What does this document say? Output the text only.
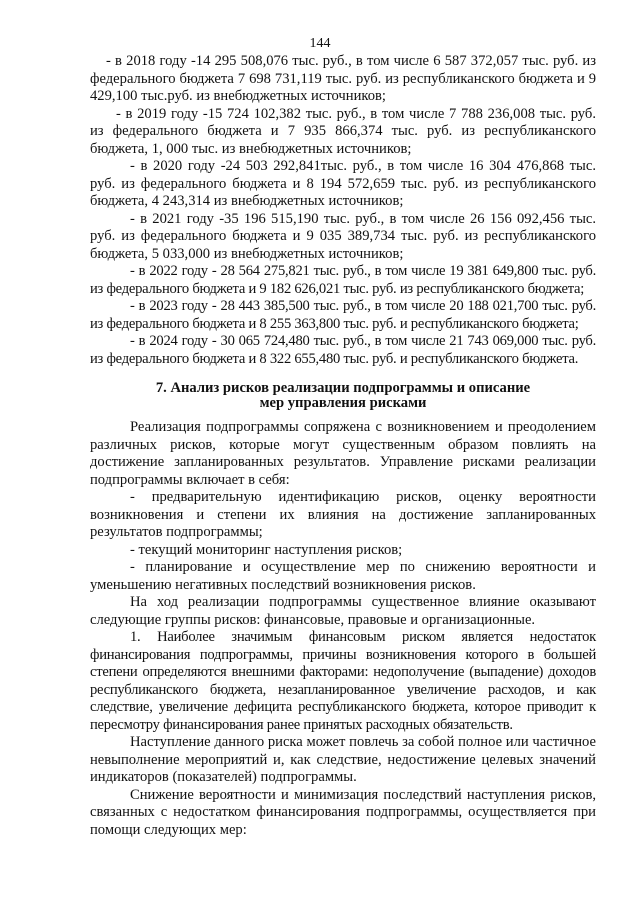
144

- в 2018 году -14 295 508,076 тыс. руб., в том числе 6 587 372,057 тыс. руб. из федерального бюджета 7 698 731,119 тыс. руб. из республиканского бюджета и 9 429,100 тыс.руб. из внебюджетных источников;

- в 2019 году -15 724 102,382 тыс. руб., в том числе 7 788 236,008 тыс. руб. из федерального бюджета и 7 935 866,374 тыс. руб. из республиканского бюджета, 1, 000 тыс. из внебюджетных источников;

- в 2020 году -24 503 292,841тыс. руб., в том числе 16 304 476,868 тыс. руб. из федерального бюджета и 8 194 572,659 тыс. руб. из республиканского бюджета, 4 243,314 из внебюджетных источников;

- в 2021 году -35 196 515,190 тыс. руб., в том числе 26 156 092,456 тыс. руб. из федерального бюджета и 9 035 389,734 тыс. руб. из республиканского бюджета, 5 033,000 из внебюджетных источников;

- в 2022 году - 28 564 275,821 тыс. руб., в том числе 19 381 649,800 тыс. руб. из федерального бюджета и 9 182 626,021 тыс. руб. из республиканского бюджета;

- в 2023 году - 28 443 385,500 тыс. руб., в том числе 20 188 021,700 тыс. руб. из федерального бюджета и 8 255 363,800 тыс. руб. и республиканского бюджета;

- в 2024 году - 30 065 724,480 тыс. руб., в том числе 21 743 069,000 тыс. руб. из федерального бюджета и 8 322 655,480 тыс. руб. и республиканского бюджета.

7. Анализ рисков реализации подпрограммы и описание
мер управления рисками

Реализация подпрограммы сопряжена с возникновением и преодолением различных рисков, которые могут существенным образом повлиять на достижение запланированных результатов. Управление рисками реализации подпрограммы включает в себя:

- предварительную идентификацию рисков, оценку вероятности возникновения и степени их влияния на достижение запланированных результатов подпрограммы;

- текущий мониторинг наступления рисков;

- планирование и осуществление мер по снижению вероятности и уменьшению негативных последствий возникновения рисков.

На ход реализации подпрограммы существенное влияние оказывают следующие группы рисков: финансовые, правовые и организационные.

1. Наиболее значимым финансовым риском является недостаток финансирования подпрограммы, причины возникновения которого в большей степени определяются внешними факторами: недополучение (выпадение) доходов республиканского бюджета, незапланированное увеличение расходов, и как следствие, увеличение дефицита республиканского бюджета, которое приводит к пересмотру финансирования ранее принятых расходных обязательств.

Наступление данного риска может повлечь за собой полное или частичное невыполнение мероприятий и, как следствие, недостижение целевых значений индикаторов (показателей) подпрограммы.

Снижение вероятности и минимизация последствий наступления рисков, связанных с недостатком финансирования подпрограммы, осуществляется при помощи следующих мер:
